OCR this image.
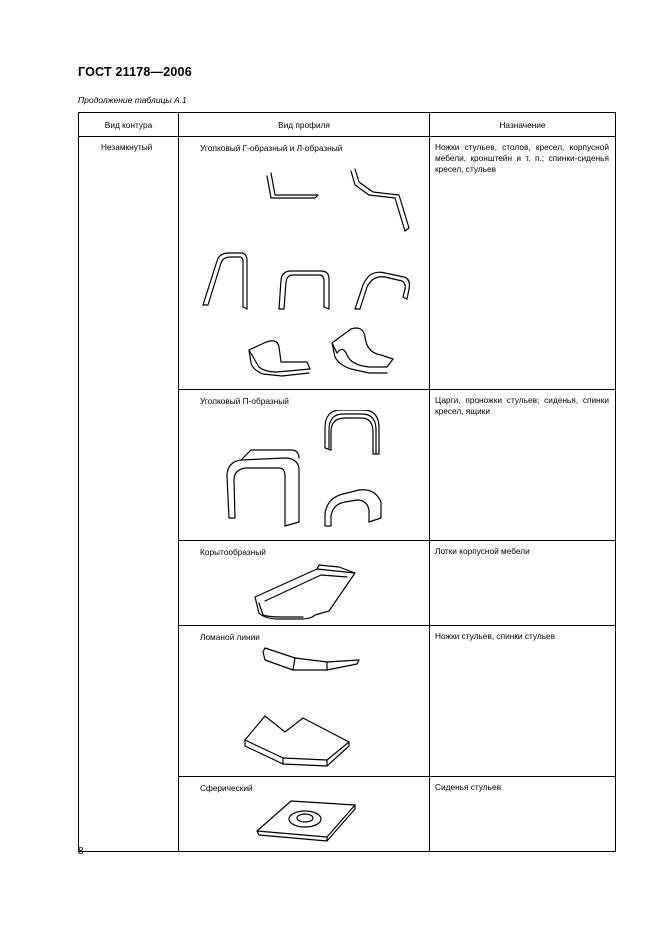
ГОСТ 21178—2006
Продолжение таблицы А.1
Вид контура	Вид профиля	Назначение
Незамкнутый	Уголковый Г-образный и Л-образный	Ножки стульев, столов, кресел, корпусной мебели, кронштейн и т. п.; спинки-сиденья кресел, стульев

	Уголковый П-образный	Царги, проножки стульев; сиденья, спинки кресел, ящики

	Корытообразный	Лотки корпусной мебели

	Ломаной линии	Ножки стульев, спинки стульев

	Сферический	Сиденья стульев
8
